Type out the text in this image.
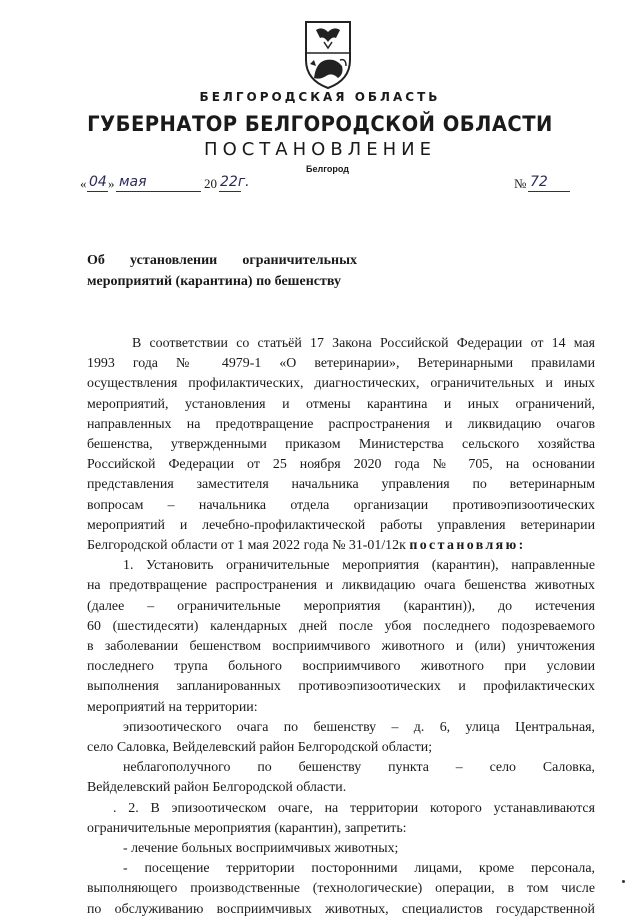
БЕЛГОРОДСКАЯ ОБЛАСТЬ
ГУБЕРНАТОР БЕЛГОРОДСКОЙ ОБЛАСТИ
ПОСТАНОВЛЕНИЕ
Белгород
« 04 » мая	20 22г.	№ 72
Об установлении ограничительных
мероприятий (карантина) по бешенству
В соответствии со статьёй 17 Закона Российской Федерации от 14 мая
1993 года № 4979-1 «О ветеринарии», Ветеринарными правилами
осуществления профилактических, диагностических, ограничительных и иных
мероприятий, установления и отмены карантина и иных ограничений,
направленных на предотвращение распространения и ликвидацию очагов
бешенства, утвержденными приказом Министерства сельского хозяйства
Российской Федерации от 25 ноября 2020 года № 705, на основании
представления заместителя начальника управления по ветеринарным
вопросам – начальника отдела организации противоэпизоотических
мероприятий и лечебно-профилактической работы управления ветеринарии
Белгородской области от 1 мая 2022 года № 31-01/12к постановляю:
1. Установить ограничительные мероприятия (карантин), направленные
на предотвращение распространения и ликвидацию очага бешенства животных
(далее – ограничительные мероприятия (карантин)), до истечения
60 (шестидесяти) календарных дней после убоя последнего подозреваемого
в заболевании бешенством восприимчивого животного и (или) уничтожения
последнего трупа больного восприимчивого животного при условии
выполнения запланированных противоэпизоотических и профилактических
мероприятий на территории:
эпизоотического очага по бешенству – д. 6, улица Центральная,
село Саловка, Вейделевский район Белгородской области;
неблагополучного по бешенству пункта – село Саловка,
Вейделевский район Белгородской области.
. 2. В эпизоотическом очаге, на территории которого устанавливаются
ограничительные мероприятия (карантин), запретить:
- лечение больных восприимчивых животных;
- посещение территории посторонними лицами, кроме персонала,
выполняющего производственные (технологические) операции, в том числе
по обслуживанию восприимчивых животных, специалистов государственной
